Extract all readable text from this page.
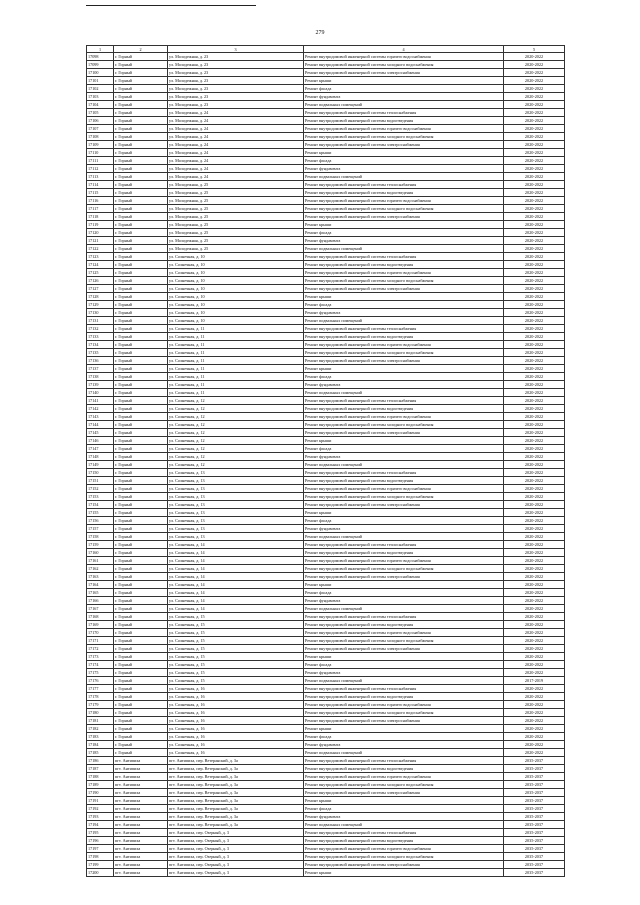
279
1	2	3	4	5
17098	г. Горный	ул. Молодежная, д. 23	Ремонт внутридомовой инженерной системы горячего водоснабжения	2020-2022
17099	г. Горный	ул. Молодежная, д. 23	Ремонт внутридомовой инженерной системы холодного водоснабжения	2020-2022
17100	г. Горный	ул. Молодежная, д. 23	Ремонт внутридомовой инженерной системы электроснабжения	2020-2022
17101	г. Горный	ул. Молодежная, д. 23	Ремонт крыши	2020-2022
17102	г. Горный	ул. Молодежная, д. 23	Ремонт фасада	2020-2022
17103	г. Горный	ул. Молодежная, д. 23	Ремонт фундамента	2020-2022
17104	г. Горный	ул. Молодежная, д. 23	Ремонт подвальных помещений	2020-2022
17105	г. Горный	ул. Молодежная, д. 24	Ремонт внутридомовой инженерной системы теплоснабжения	2020-2022
17106	г. Горный	ул. Молодежная, д. 24	Ремонт внутридомовой инженерной системы водоотведения	2020-2022
17107	г. Горный	ул. Молодежная, д. 24	Ремонт внутридомовой инженерной системы горячего водоснабжения	2020-2022
17108	г. Горный	ул. Молодежная, д. 24	Ремонт внутридомовой инженерной системы холодного водоснабжения	2020-2022
17109	г. Горный	ул. Молодежная, д. 24	Ремонт внутридомовой инженерной системы электроснабжения	2020-2022
17110	г. Горный	ул. Молодежная, д. 24	Ремонт крыши	2020-2022
17111	г. Горный	ул. Молодежная, д. 24	Ремонт фасада	2020-2022
17112	г. Горный	ул. Молодежная, д. 24	Ремонт фундамента	2020-2022
17113	г. Горный	ул. Молодежная, д. 24	Ремонт подвальных помещений	2020-2022
17114	г. Горный	ул. Молодежная, д. 25	Ремонт внутридомовой инженерной системы теплоснабжения	2020-2022
17115	г. Горный	ул. Молодежная, д. 25	Ремонт внутридомовой инженерной системы водоотведения	2020-2022
17116	г. Горный	ул. Молодежная, д. 25	Ремонт внутридомовой инженерной системы горячего водоснабжения	2020-2022
17117	г. Горный	ул. Молодежная, д. 25	Ремонт внутридомовой инженерной системы холодного водоснабжения	2020-2022
17118	г. Горный	ул. Молодежная, д. 25	Ремонт внутридомовой инженерной системы электроснабжения	2020-2022
17119	г. Горный	ул. Молодежная, д. 25	Ремонт крыши	2020-2022
17120	г. Горный	ул. Молодежная, д. 25	Ремонт фасада	2020-2022
17121	г. Горный	ул. Молодежная, д. 25	Ремонт фундамента	2020-2022
17122	г. Горный	ул. Молодежная, д. 25	Ремонт подвальных помещений	2020-2022
17123	г. Горный	ул. Солнечная, д. 10	Ремонт внутридомовой инженерной системы теплоснабжения	2020-2022
17124	г. Горный	ул. Солнечная, д. 10	Ремонт внутридомовой инженерной системы водоотведения	2020-2022
17125	г. Горный	ул. Солнечная, д. 10	Ремонт внутридомовой инженерной системы горячего водоснабжения	2020-2022
17126	г. Горный	ул. Солнечная, д. 10	Ремонт внутридомовой инженерной системы холодного водоснабжения	2020-2022
17127	г. Горный	ул. Солнечная, д. 10	Ремонт внутридомовой инженерной системы электроснабжения	2020-2022
17128	г. Горный	ул. Солнечная, д. 10	Ремонт крыши	2020-2022
17129	г. Горный	ул. Солнечная, д. 10	Ремонт фасада	2020-2022
17130	г. Горный	ул. Солнечная, д. 10	Ремонт фундамента	2020-2022
17131	г. Горный	ул. Солнечная, д. 10	Ремонт подвальных помещений	2020-2022
17132	г. Горный	ул. Солнечная, д. 11	Ремонт внутридомовой инженерной системы теплоснабжения	2020-2022
17133	г. Горный	ул. Солнечная, д. 11	Ремонт внутридомовой инженерной системы водоотведения	2020-2022
17134	г. Горный	ул. Солнечная, д. 11	Ремонт внутридомовой инженерной системы горячего водоснабжения	2020-2022
17135	г. Горный	ул. Солнечная, д. 11	Ремонт внутридомовой инженерной системы холодного водоснабжения	2020-2022
17136	г. Горный	ул. Солнечная, д. 11	Ремонт внутридомовой инженерной системы электроснабжения	2020-2022
17137	г. Горный	ул. Солнечная, д. 11	Ремонт крыши	2020-2022
17138	г. Горный	ул. Солнечная, д. 11	Ремонт фасада	2020-2022
17139	г. Горный	ул. Солнечная, д. 11	Ремонт фундамента	2020-2022
17140	г. Горный	ул. Солнечная, д. 11	Ремонт подвальных помещений	2020-2022
17141	г. Горный	ул. Солнечная, д. 12	Ремонт внутридомовой инженерной системы теплоснабжения	2020-2022
17142	г. Горный	ул. Солнечная, д. 12	Ремонт внутридомовой инженерной системы водоотведения	2020-2022
17143	г. Горный	ул. Солнечная, д. 12	Ремонт внутридомовой инженерной системы горячего водоснабжения	2020-2022
17144	г. Горный	ул. Солнечная, д. 12	Ремонт внутридомовой инженерной системы холодного водоснабжения	2020-2022
17145	г. Горный	ул. Солнечная, д. 12	Ремонт внутридомовой инженерной системы электроснабжения	2020-2022
17146	г. Горный	ул. Солнечная, д. 12	Ремонт крыши	2020-2022
17147	г. Горный	ул. Солнечная, д. 12	Ремонт фасада	2020-2022
17148	г. Горный	ул. Солнечная, д. 12	Ремонт фундамента	2020-2022
17149	г. Горный	ул. Солнечная, д. 12	Ремонт подвальных помещений	2020-2022
17150	г. Горный	ул. Солнечная, д. 13	Ремонт внутридомовой инженерной системы теплоснабжения	2020-2022
17151	г. Горный	ул. Солнечная, д. 13	Ремонт внутридомовой инженерной системы водоотведения	2020-2022
17152	г. Горный	ул. Солнечная, д. 13	Ремонт внутридомовой инженерной системы горячего водоснабжения	2020-2022
17153	г. Горный	ул. Солнечная, д. 13	Ремонт внутридомовой инженерной системы холодного водоснабжения	2020-2022
17154	г. Горный	ул. Солнечная, д. 13	Ремонт внутридомовой инженерной системы электроснабжения	2020-2022
17155	г. Горный	ул. Солнечная, д. 13	Ремонт крыши	2020-2022
17156	г. Горный	ул. Солнечная, д. 13	Ремонт фасада	2020-2022
17157	г. Горный	ул. Солнечная, д. 13	Ремонт фундамента	2020-2022
17158	г. Горный	ул. Солнечная, д. 13	Ремонт подвальных помещений	2020-2022
17159	г. Горный	ул. Солнечная, д. 14	Ремонт внутридомовой инженерной системы теплоснабжения	2020-2022
17160	г. Горный	ул. Солнечная, д. 14	Ремонт внутридомовой инженерной системы водоотведения	2020-2022
17161	г. Горный	ул. Солнечная, д. 14	Ремонт внутридомовой инженерной системы горячего водоснабжения	2020-2022
17162	г. Горный	ул. Солнечная, д. 14	Ремонт внутридомовой инженерной системы холодного водоснабжения	2020-2022
17163	г. Горный	ул. Солнечная, д. 14	Ремонт внутридомовой инженерной системы электроснабжения	2020-2022
17164	г. Горный	ул. Солнечная, д. 14	Ремонт крыши	2020-2022
17165	г. Горный	ул. Солнечная, д. 14	Ремонт фасада	2020-2022
17166	г. Горный	ул. Солнечная, д. 14	Ремонт фундамента	2020-2022
17167	г. Горный	ул. Солнечная, д. 14	Ремонт подвальных помещений	2020-2022
17168	г. Горный	ул. Солнечная, д. 15	Ремонт внутридомовой инженерной системы теплоснабжения	2020-2022
17169	г. Горный	ул. Солнечная, д. 15	Ремонт внутридомовой инженерной системы водоотведения	2020-2022
17170	г. Горный	ул. Солнечная, д. 15	Ремонт внутридомовой инженерной системы горячего водоснабжения	2020-2022
17171	г. Горный	ул. Солнечная, д. 15	Ремонт внутридомовой инженерной системы холодного водоснабжения	2020-2022
17172	г. Горный	ул. Солнечная, д. 15	Ремонт внутридомовой инженерной системы электроснабжения	2020-2022
17173	г. Горный	ул. Солнечная, д. 15	Ремонт крыши	2020-2022
17174	г. Горный	ул. Солнечная, д. 15	Ремонт фасада	2020-2022
17175	г. Горный	ул. Солнечная, д. 15	Ремонт фундамента	2020-2022
17176	г. Горный	ул. Солнечная, д. 15	Ремонт подвальных помещений	2017-2019
17177	г. Горный	ул. Солнечная, д. 16	Ремонт внутридомовой инженерной системы теплоснабжения	2020-2022
17178	г. Горный	ул. Солнечная, д. 16	Ремонт внутридомовой инженерной системы водоотведения	2020-2022
17179	г. Горный	ул. Солнечная, д. 16	Ремонт внутридомовой инженерной системы горячего водоснабжения	2020-2022
17180	г. Горный	ул. Солнечная, д. 16	Ремонт внутридомовой инженерной системы холодного водоснабжения	2020-2022
17181	г. Горный	ул. Солнечная, д. 16	Ремонт внутридомовой инженерной системы электроснабжения	2020-2022
17182	г. Горный	ул. Солнечная, д. 16	Ремонт крыши	2020-2022
17183	г. Горный	ул. Солнечная, д. 16	Ремонт фасада	2020-2022
17184	г. Горный	ул. Солнечная, д. 16	Ремонт фундамента	2020-2022
17185	г. Горный	ул. Солнечная, д. 16	Ремонт подвальных помещений	2020-2022
17186	пгт. Антипиха	пгт. Антипиха, пер. Ветеранский, д. 3а	Ремонт внутридомовой инженерной системы теплоснабжения	2035-2037
17187	пгт. Антипиха	пгт. Антипиха, пер. Ветеранский, д. 3а	Ремонт внутридомовой инженерной системы водоотведения	2035-2037
17188	пгт. Антипиха	пгт. Антипиха, пер. Ветеранский, д. 3а	Ремонт внутридомовой инженерной системы горячего водоснабжения	2035-2037
17189	пгт. Антипиха	пгт. Антипиха, пер. Ветеранский, д. 3а	Ремонт внутридомовой инженерной системы холодного водоснабжения	2035-2037
17190	пгт. Антипиха	пгт. Антипиха, пер. Ветеранский, д. 3а	Ремонт внутридомовой инженерной системы электроснабжения	2035-2037
17191	пгт. Антипиха	пгт. Антипиха, пер. Ветеранский, д. 3а	Ремонт крыши	2035-2037
17192	пгт. Антипиха	пгт. Антипиха, пер. Ветеранский, д. 3а	Ремонт фасада	2035-2037
17193	пгт. Антипиха	пгт. Антипиха, пер. Ветеранский, д. 3а	Ремонт фундамента	2035-2037
17194	пгт. Антипиха	пгт. Антипиха, пер. Ветеранский, д. 3а	Ремонт подвальных помещений	2035-2037
17195	пгт. Антипиха	пгт. Антипиха, пер. Озерный, д. 3	Ремонт внутридомовой инженерной системы теплоснабжения	2035-2037
17196	пгт. Антипиха	пгт. Антипиха, пер. Озерный, д. 3	Ремонт внутридомовой инженерной системы водоотведения	2035-2037
17197	пгт. Антипиха	пгт. Антипиха, пер. Озерный, д. 3	Ремонт внутридомовой инженерной системы горячего водоснабжения	2035-2037
17198	пгт. Антипиха	пгт. Антипиха, пер. Озерный, д. 3	Ремонт внутридомовой инженерной системы холодного водоснабжения	2035-2037
17199	пгт. Антипиха	пгт. Антипиха, пер. Озерный, д. 3	Ремонт внутридомовой инженерной системы электроснабжения	2035-2037
17200	пгт. Антипиха	пгт. Антипиха, пер. Озерный, д. 3	Ремонт крыши	2035-2037
